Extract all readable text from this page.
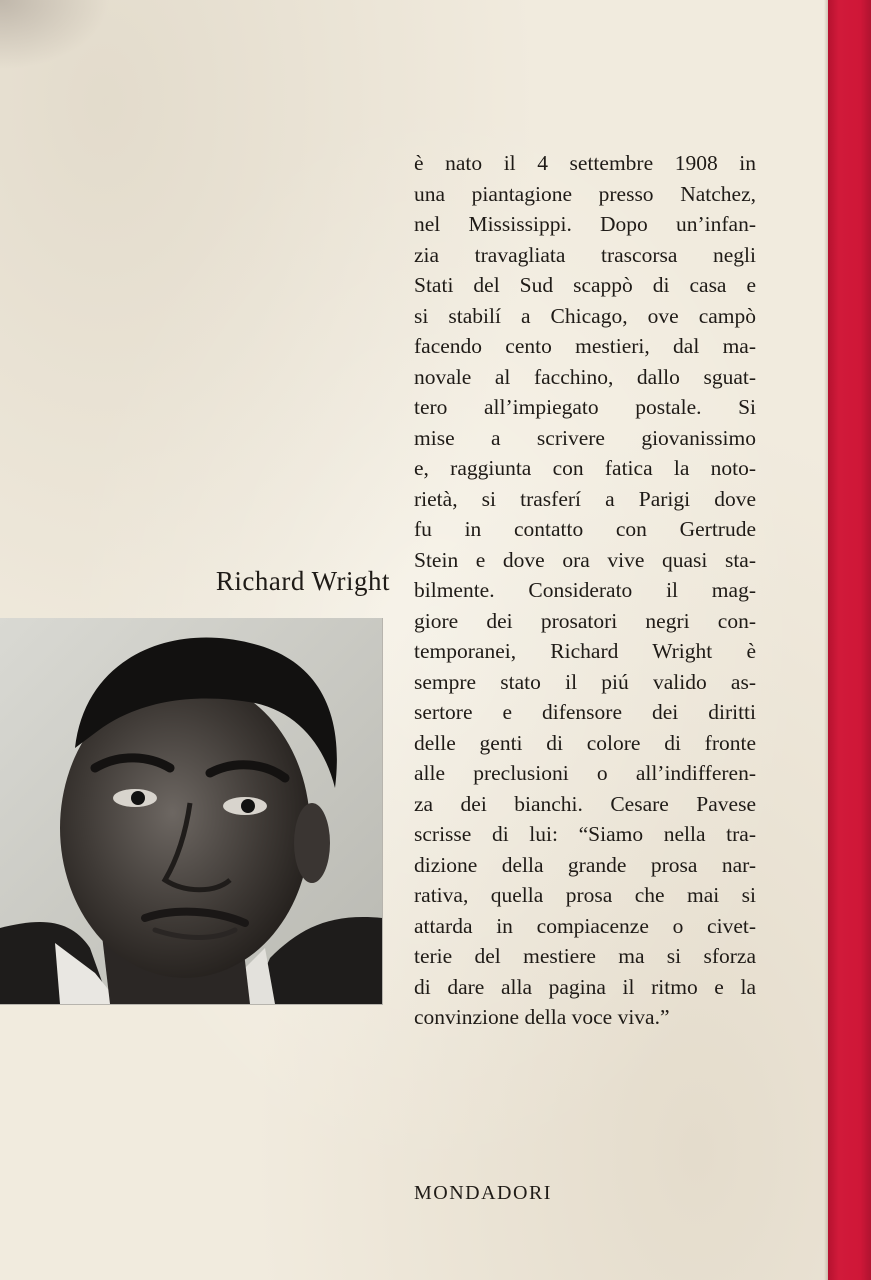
Richard Wright
è nato il 4 settembre 1908 in
una piantagione presso Natchez,
nel Mississippi. Dopo un’infan-
zia travagliata trascorsa negli
Stati del Sud scappò di casa e
si stabilí a Chicago, ove campò
facendo cento mestieri, dal ma-
novale al facchino, dallo sguat-
tero all’impiegato postale. Si
mise a scrivere giovanissimo
e, raggiunta con fatica la noto-
rietà, si trasferí a Parigi dove
fu in contatto con Gertrude
Stein e dove ora vive quasi sta-
bilmente. Considerato il mag-
giore dei prosatori negri con-
temporanei, Richard Wright è
sempre stato il piú valido as-
sertore e difensore dei diritti
delle genti di colore di fronte
alle preclusioni o all’indifferen-
za dei bianchi. Cesare Pavese
scrisse di lui: “Siamo nella tra-
dizione della grande prosa nar-
rativa, quella prosa che mai si
attarda in compiacenze o civet-
terie del mestiere ma si sforza
di dare alla pagina il ritmo e la
convinzione della voce viva.”
MONDADORI
